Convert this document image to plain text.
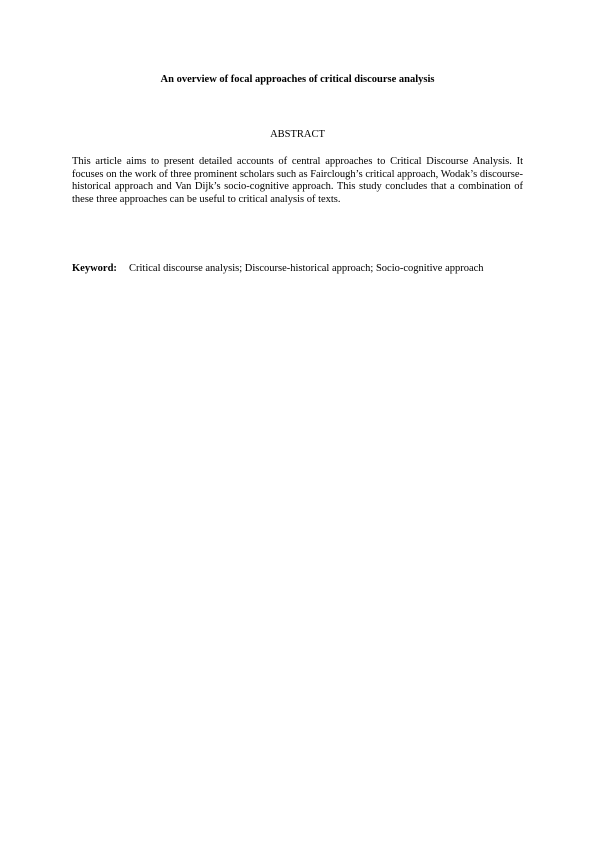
An overview of focal approaches of critical discourse analysis
ABSTRACT
This article aims to present detailed accounts of central approaches to Critical Discourse Analysis. It focuses on the work of three prominent scholars such as Fairclough’s critical approach, Wodak’s discourse-historical approach and Van Dijk’s socio-cognitive approach. This study concludes that a combination of these three approaches can be useful to critical analysis of texts.
Keyword:	Critical discourse analysis; Discourse-historical approach; Socio-cognitive approach
